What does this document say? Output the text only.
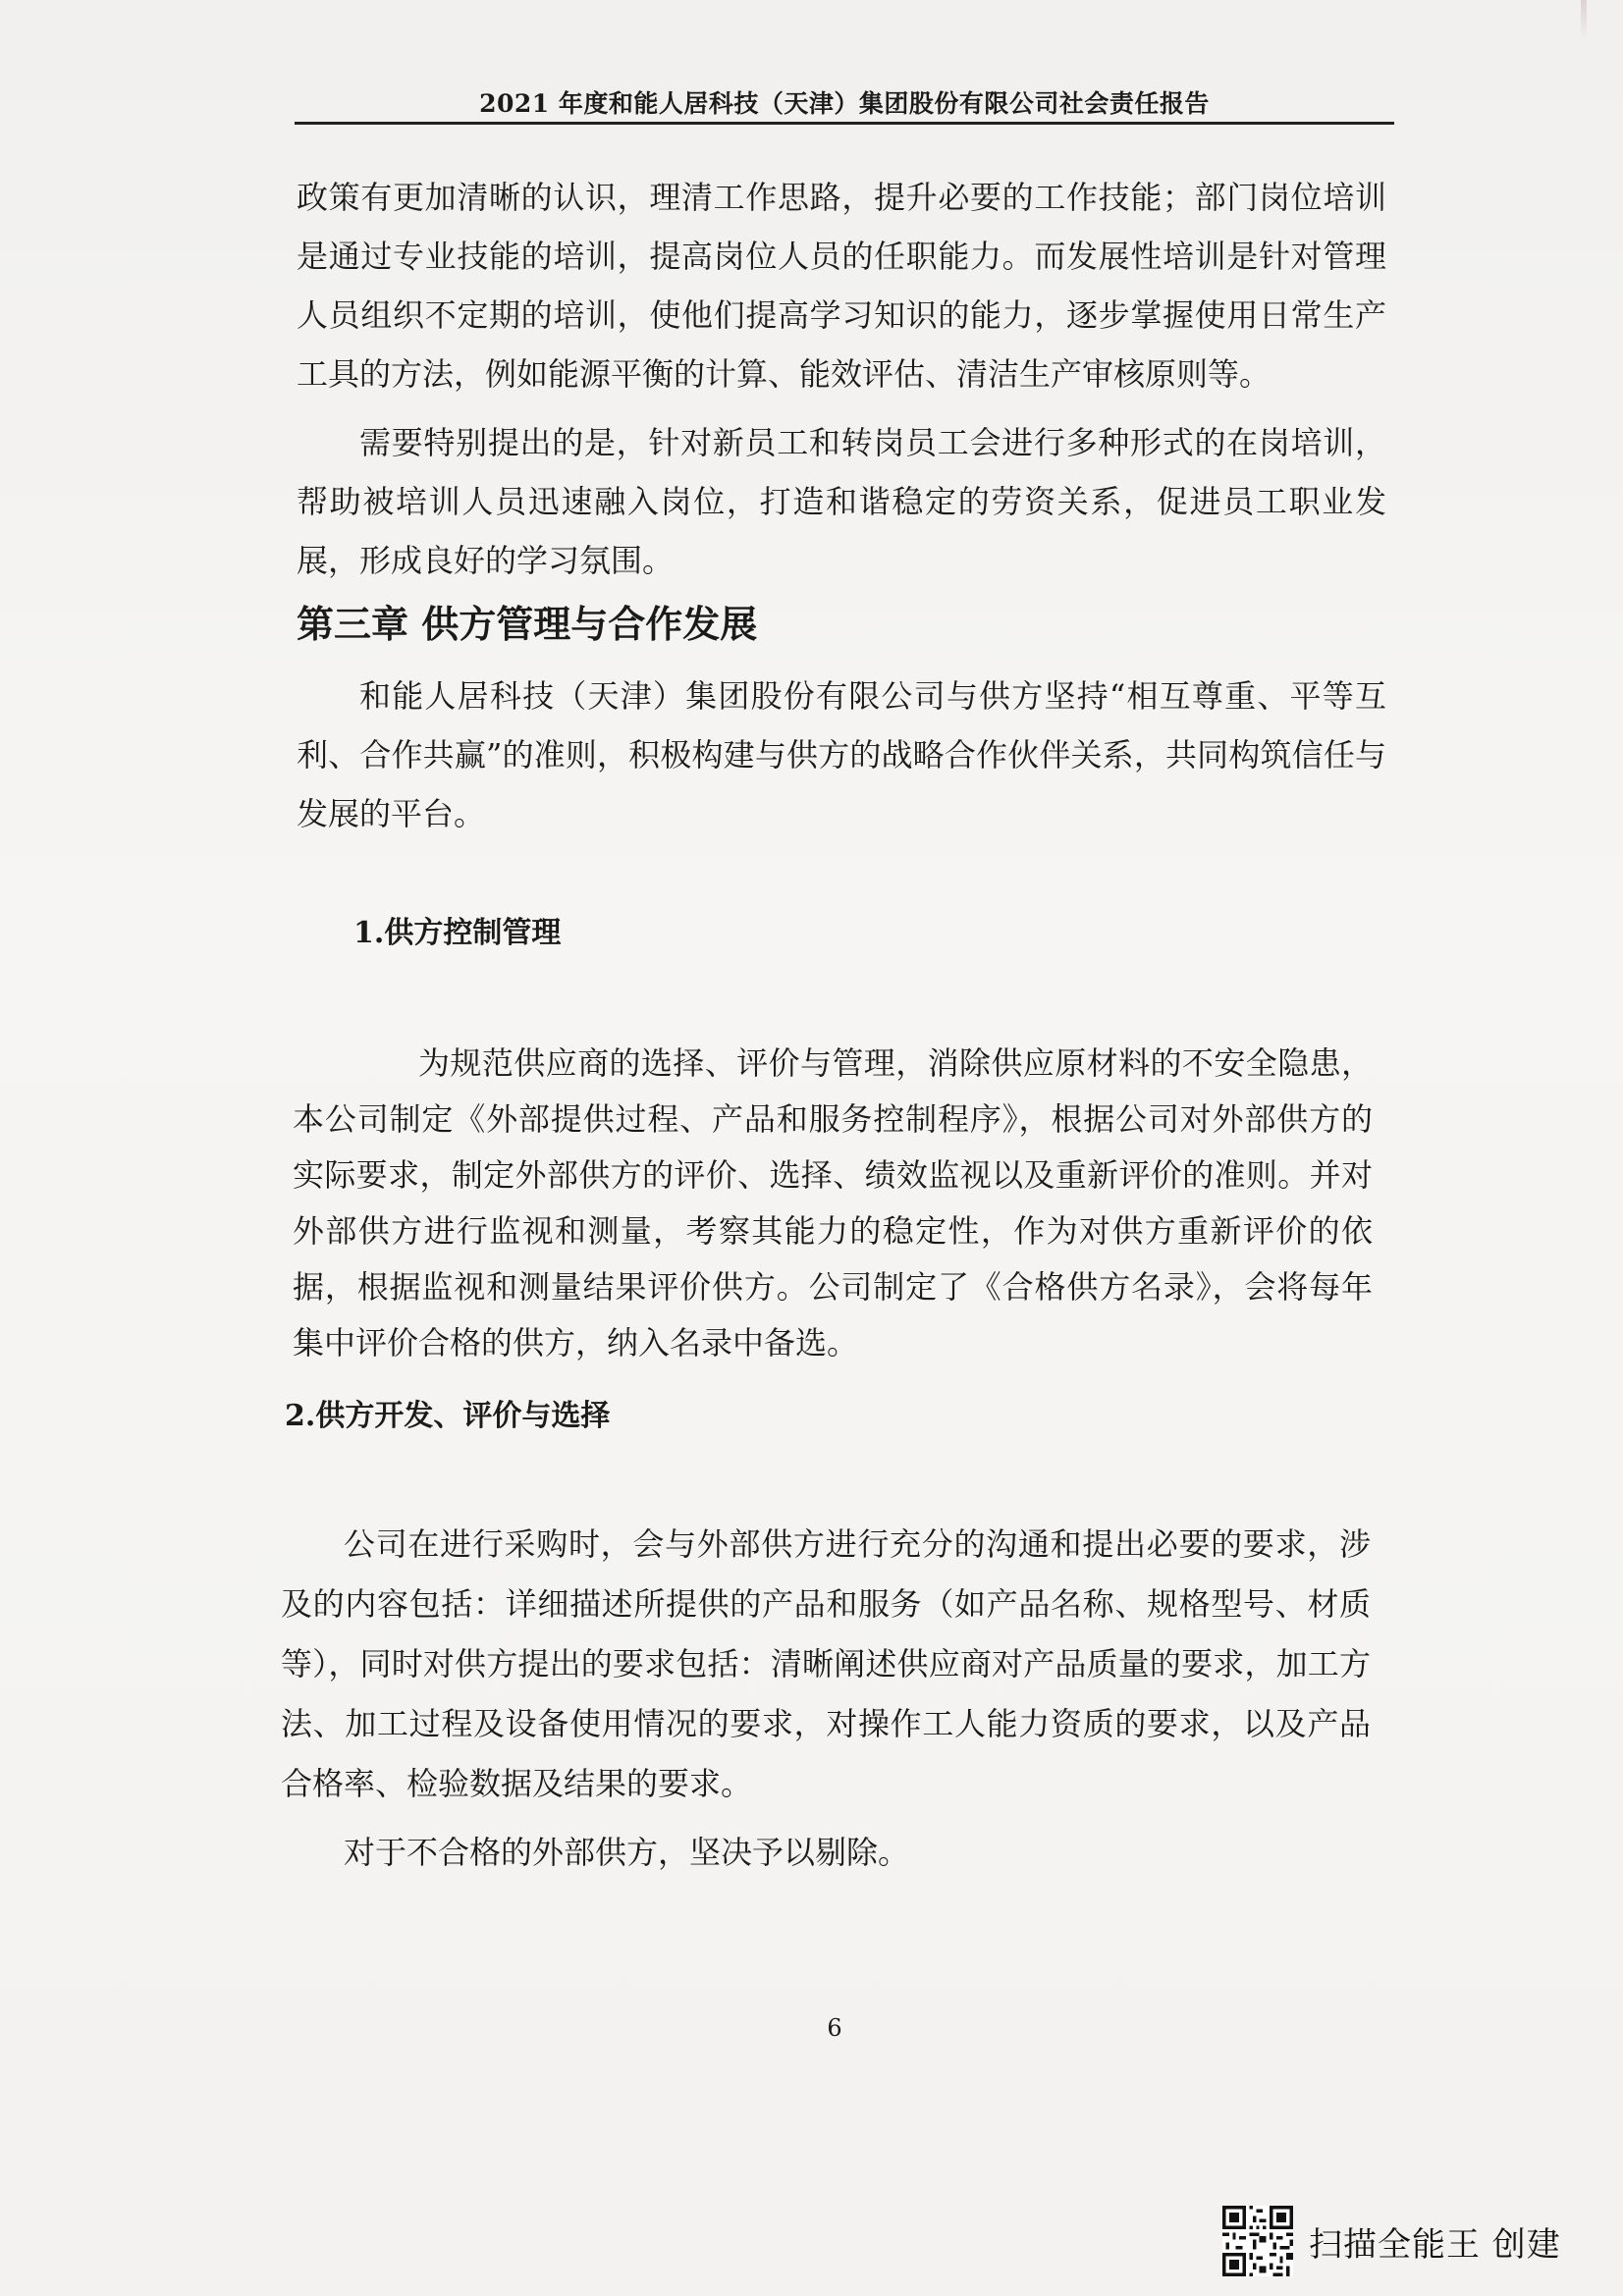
2021 年度和能人居科技（天津）集团股份有限公司社会责任报告
政策有更加清晰的认识，理清工作思路，提升必要的工作技能；部门岗位培训是通过专业技能的培训，提高岗位人员的任职能力。而发展性培训是针对管理人员组织不定期的培训，使他们提高学习知识的能力，逐步掌握使用日常生产工具的方法，例如能源平衡的计算、能效评估、清洁生产审核原则等。
需要特别提出的是，针对新员工和转岗员工会进行多种形式的在岗培训，帮助被培训人员迅速融入岗位，打造和谐稳定的劳资关系，促进员工职业发展，形成良好的学习氛围。
第三章 供方管理与合作发展
和能人居科技（天津）集团股份有限公司与供方坚持“相互尊重、平等互利、合作共赢”的准则，积极构建与供方的战略合作伙伴关系，共同构筑信任与发展的平台。
1.供方控制管理
为规范供应商的选择、评价与管理，消除供应原材料的不安全隐患，本公司制定《外部提供过程、产品和服务控制程序》，根据公司对外部供方的实际要求，制定外部供方的评价、选择、绩效监视以及重新评价的准则。并对外部供方进行监视和测量，考察其能力的稳定性，作为对供方重新评价的依据，根据监视和测量结果评价供方。公司制定了《合格供方名录》，会将每年集中评价合格的供方，纳入名录中备选。
2.供方开发、评价与选择
公司在进行采购时，会与外部供方进行充分的沟通和提出必要的要求，涉及的内容包括：详细描述所提供的产品和服务（如产品名称、规格型号、材质等），同时对供方提出的要求包括：清晰阐述供应商对产品质量的要求，加工方法、加工过程及设备使用情况的要求，对操作工人能力资质的要求，以及产品合格率、检验数据及结果的要求。
对于不合格的外部供方，坚决予以剔除。
6
扫描全能王 创建
